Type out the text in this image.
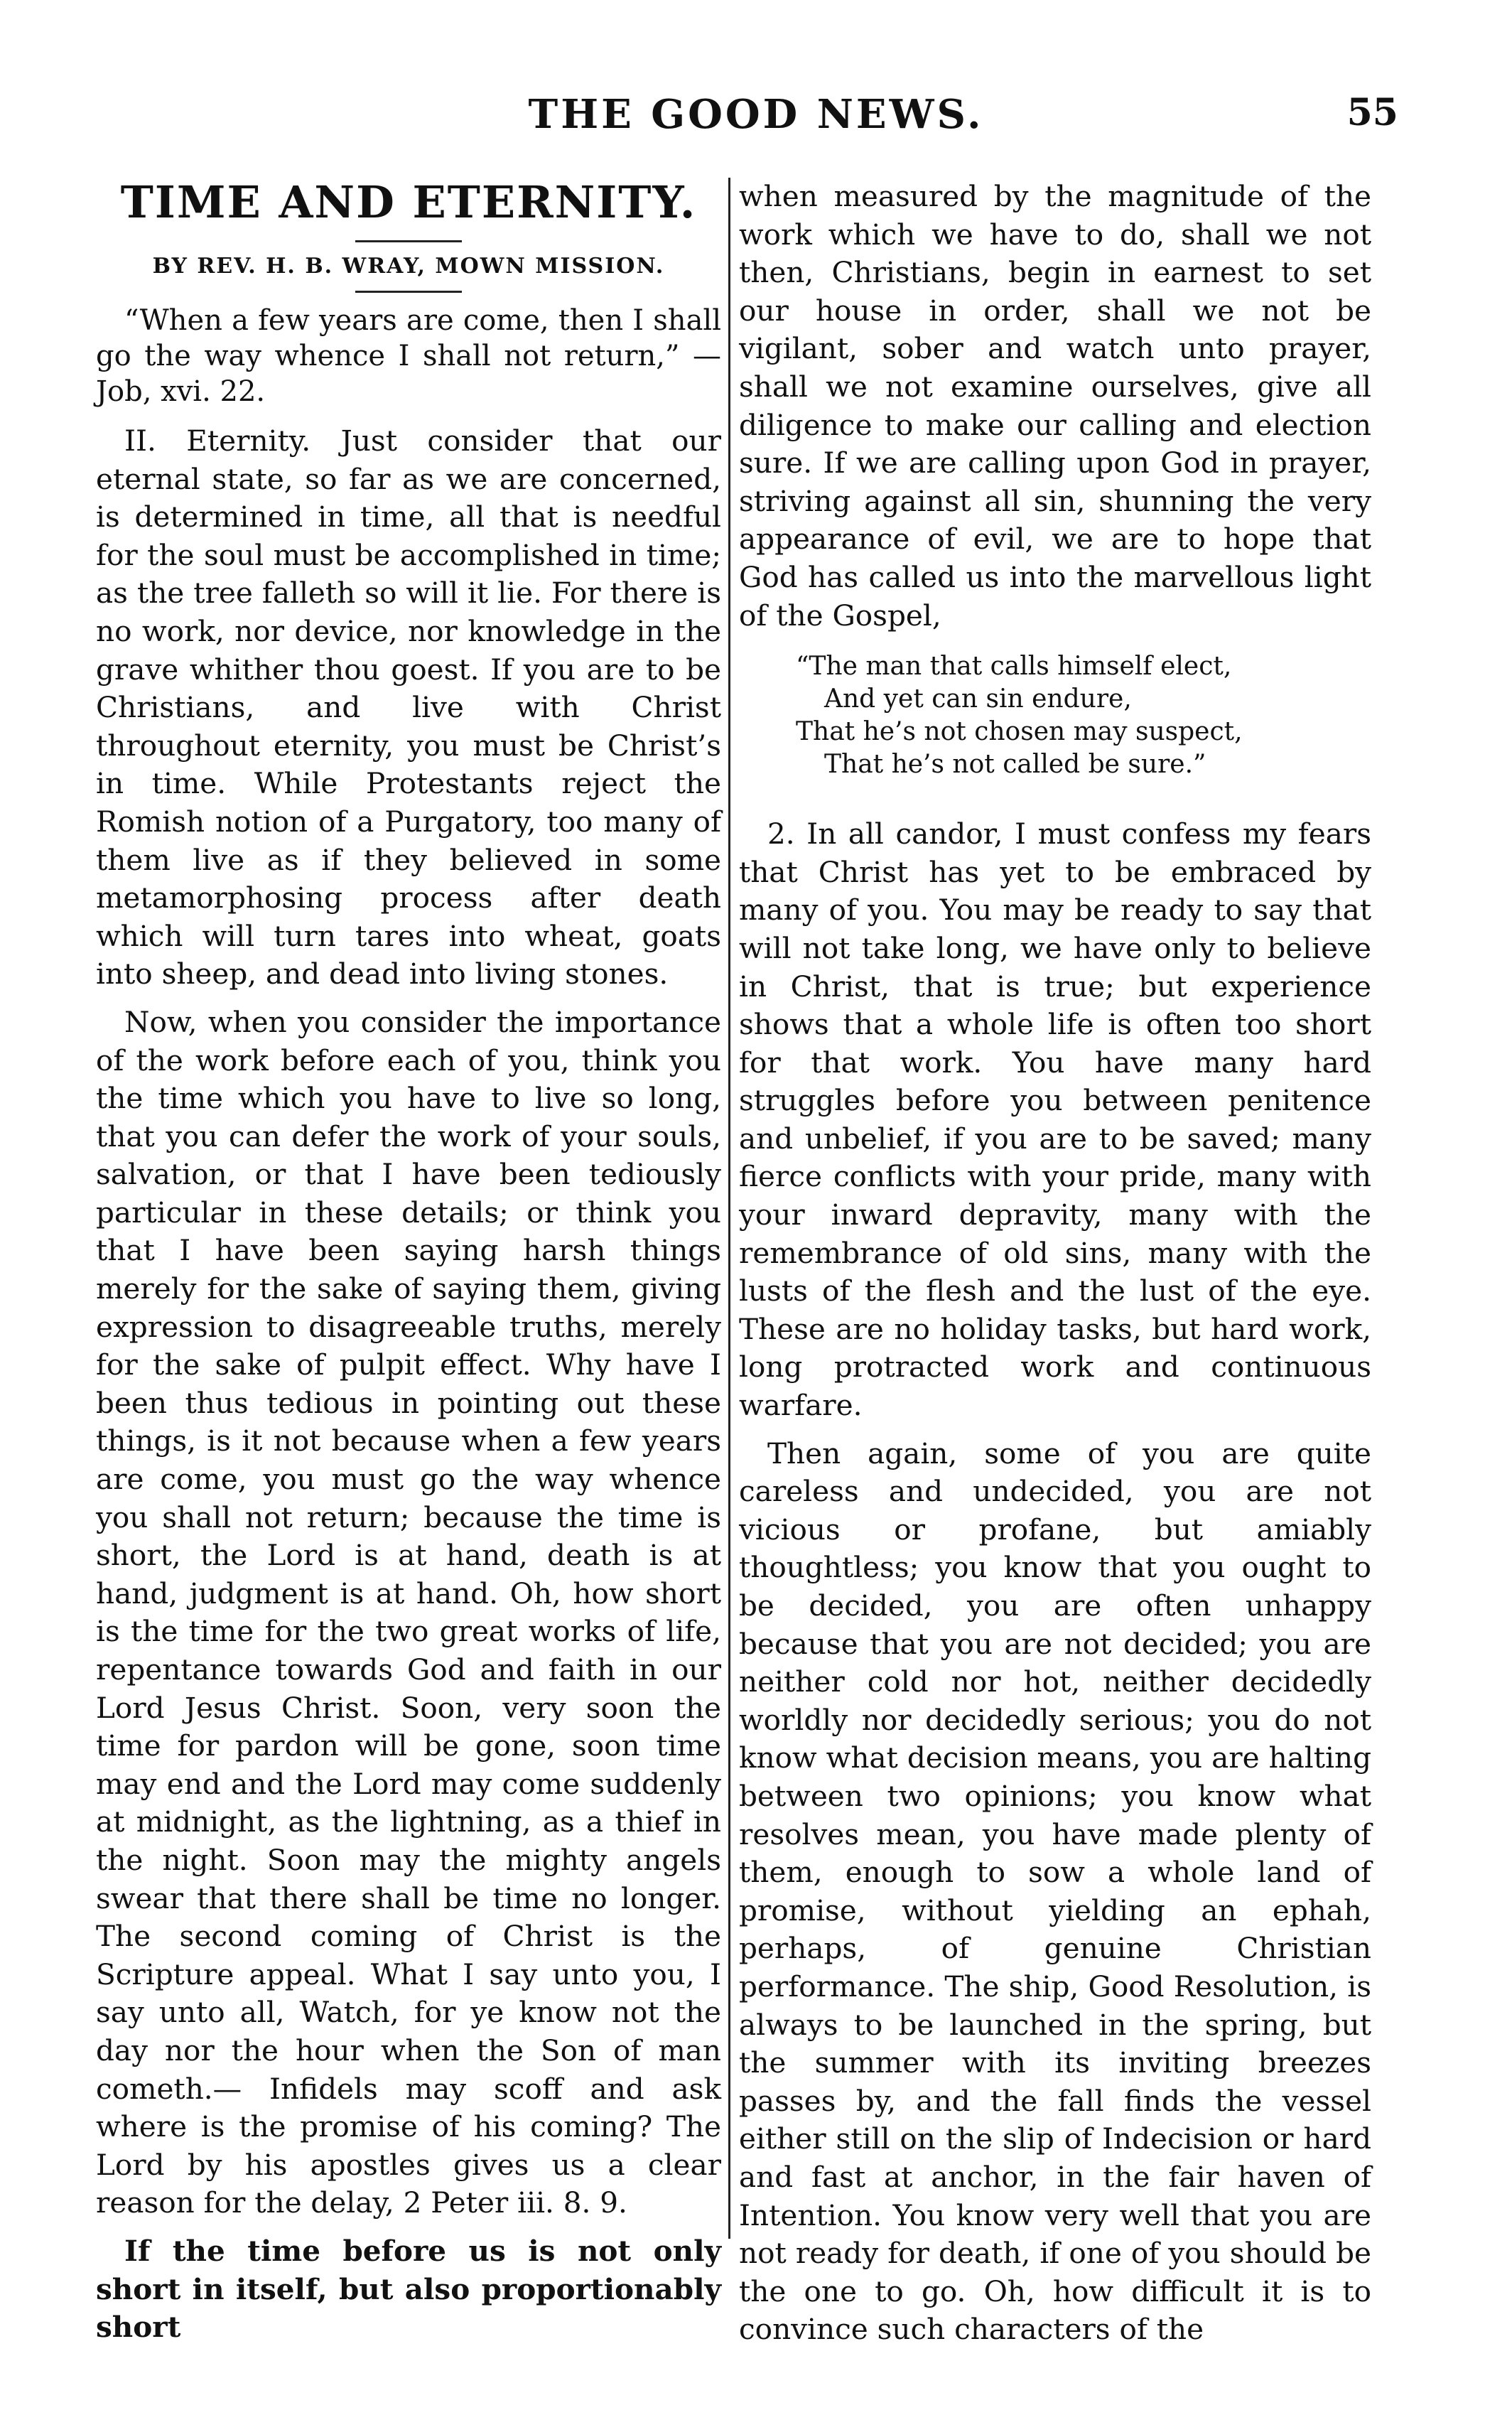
THE GOOD NEWS.	55
TIME AND ETERNITY.
BY REV. H. B. WRAY, MOWN MISSION.
“When a few years are come, then I shall go the way whence I shall not return,” —Job, xvi. 22.

II. Eternity. Just consider that our eternal state, so far as we are concerned, is determined in time, all that is needful for the soul must be accomplished in time; as the tree falleth so will it lie. For there is no work, nor device, nor knowledge in the grave whither thou goest. If you are to be Christians, and live with Christ throughout eternity, you must be Christ’s in time. While Protestants reject the Romish notion of a Purgatory, too many of them live as if they believed in some metamorphosing process after death which will turn tares into wheat, goats into sheep, and dead into living stones.

Now, when you consider the importance of the work before each of you, think you the time which you have to live so long, that you can defer the work of your souls, salvation, or that I have been tediously particular in these details; or think you that I have been saying harsh things merely for the sake of saying them, giving expression to disagreeable truths, merely for the sake of pulpit effect. Why have I been thus tedious in pointing out these things, is it not because when a few years are come, you must go the way whence you shall not return; because the time is short, the Lord is at hand, death is at hand, judgment is at hand. Oh, how short is the time for the two great works of life, repentance towards God and faith in our Lord Jesus Christ. Soon, very soon the time for pardon will be gone, soon time may end and the Lord may come suddenly at midnight, as the lightning, as a thief in the night. Soon may the mighty angels swear that there shall be time no longer. The second coming of Christ is the Scripture appeal. What I say unto you, I say unto all, Watch, for ye know not the day nor the hour when the Son of man cometh.— Infidels may scoff and ask where is the promise of his coming? The Lord by his apostles gives us a clear reason for the delay, 2 Peter iii. 8. 9.

If the time before us is not only short in itself, but also proportionably short

when measured by the magnitude of the work which we have to do, shall we not then, Christians, begin in earnest to set our house in order, shall we not be vigilant, sober and watch unto prayer, shall we not examine ourselves, give all diligence to make our calling and election sure. If we are calling upon God in prayer, striving against all sin, shunning the very appearance of evil, we are to hope that God has called us into the marvellous light of the Gospel,

“The man that calls himself elect,
And yet can sin endure,
That he’s not chosen may suspect,
That he’s not called be sure.”

2. In all candor, I must confess my fears that Christ has yet to be embraced by many of you. You may be ready to say that will not take long, we have only to believe in Christ, that is true; but experience shows that a whole life is often too short for that work. You have many hard struggles before you between penitence and unbelief, if you are to be saved; many fierce conflicts with your pride, many with your inward depravity, many with the remembrance of old sins, many with the lusts of the flesh and the lust of the eye. These are no holiday tasks, but hard work, long protracted work and continuous warfare.

Then again, some of you are quite careless and undecided, you are not vicious or profane, but amiably thoughtless; you know that you ought to be decided, you are often unhappy because that you are not decided; you are neither cold nor hot, neither decidedly worldly nor decidedly serious; you do not know what decision means, you are halting between two opinions; you know what resolves mean, you have made plenty of them, enough to sow a whole land of promise, without yielding an ephah, perhaps, of genuine Christian performance. The ship, Good Resolution, is always to be launched in the spring, but the summer with its inviting breezes passes by, and the fall finds the vessel either still on the slip of Indecision or hard and fast at anchor, in the fair haven of Intention. You know very well that you are not ready for death, if one of you should be the one to go. Oh, how difficult it is to convince such characters of the
